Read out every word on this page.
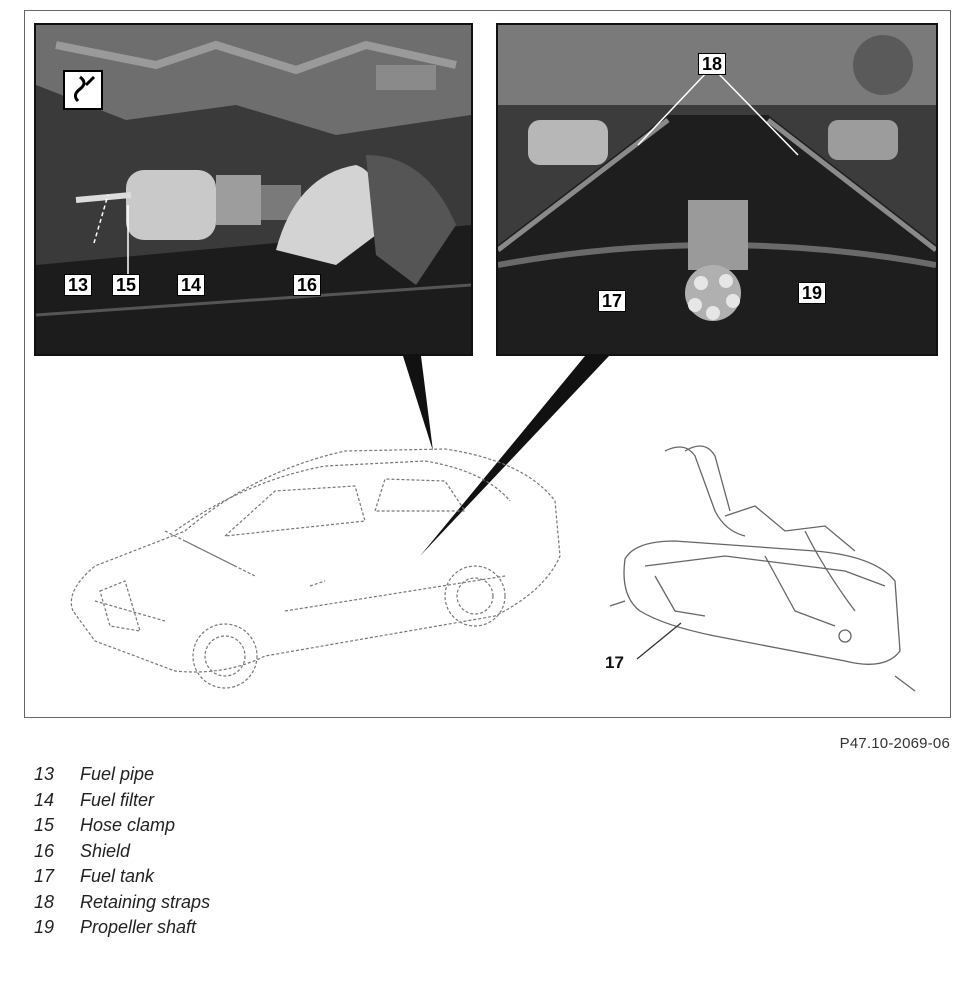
13 15 14	16
18
17	19
17
P47.10-2069-06
13 Fuel pipe
14 Fuel filter
15 Hose clamp
16 Shield
17 Fuel tank
18 Retaining straps
19 Propeller shaft
